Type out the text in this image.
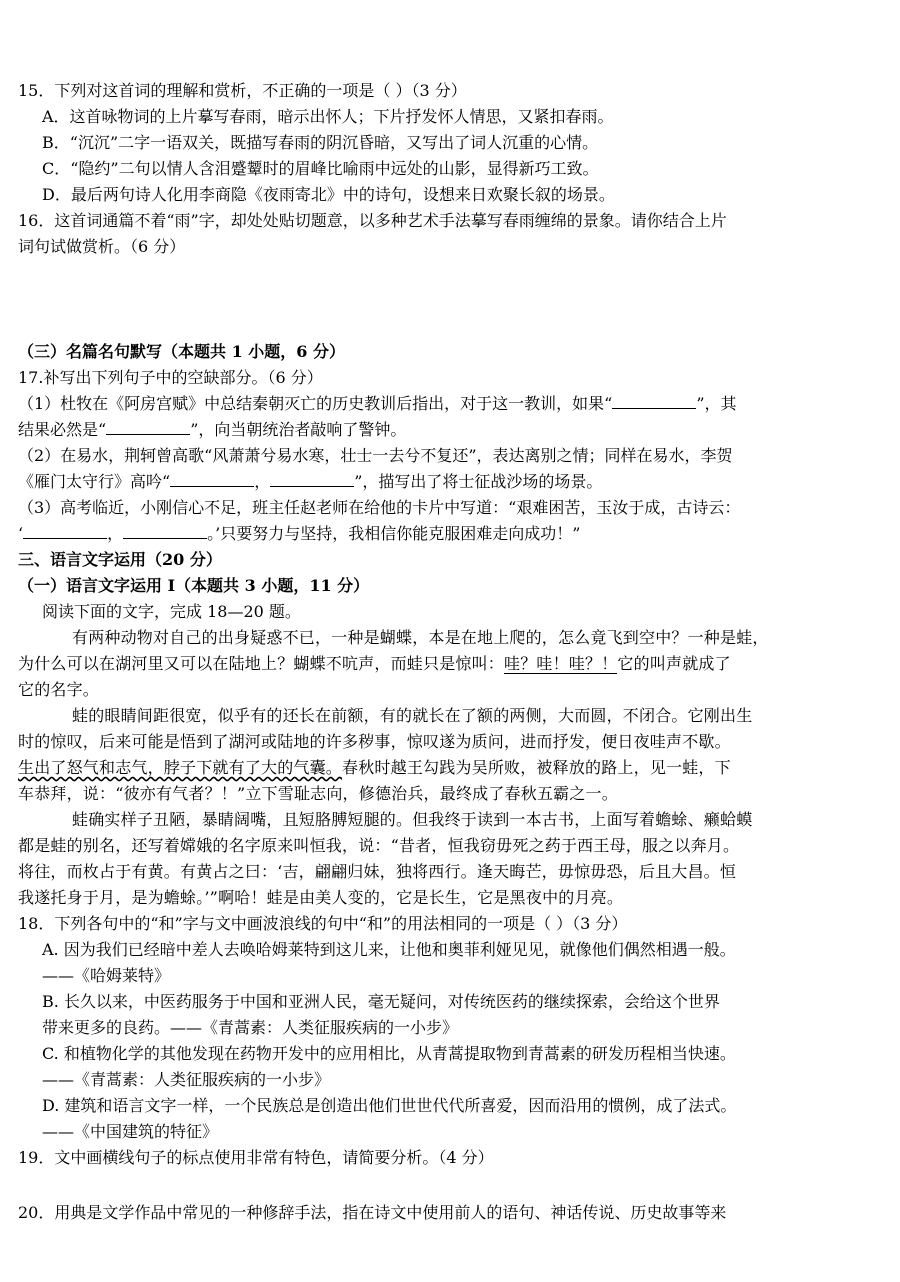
15．下列对这首词的理解和赏析，不正确的一项是（ ）（3 分）
A．这首咏物词的上片摹写春雨，暗示出怀人；下片抒发怀人情思，又紧扣春雨。
B．“沉沉”二字一语双关，既描写春雨的阴沉昏暗，又写出了词人沉重的心情。
C．“隐约”二句以情人含泪蹙颦时的眉峰比喻雨中远处的山影，显得新巧工致。
D．最后两句诗人化用李商隐《夜雨寄北》中的诗句，设想来日欢聚长叙的场景。
16．这首词通篇不着“雨”字，却处处贴切题意，以多种艺术手法摹写春雨缠绵的景象。请你结合上片
词句试做赏析。（6 分）
（三）名篇名句默写（本题共 1 小题，6 分）
17.补写出下列句子中的空缺部分。（6 分）
（1）杜牧在《阿房宫赋》中总结秦朝灭亡的历史教训后指出，对于这一教训，如果“	”，其
结果必然是“	”，向当朝统治者敲响了警钟。
（2）在易水，荆轲曾高歌“风萧萧兮易水寒，壮士一去兮不复还”，表达离别之情；同样在易水，李贺
《雁门太守行》高吟“	，	”，描写出了将士征战沙场的场景。
（3）高考临近，小刚信心不足，班主任赵老师在给他的卡片中写道：“艰难困苦，玉汝于成，古诗云：
‘	，	。’只要努力与坚持，我相信你能克服困难走向成功！”
三、语言文字运用（20 分）
（一）语言文字运用 Ⅰ（本题共 3 小题，11 分）
阅读下面的文字，完成 18—20 题。
有两种动物对自己的出身疑惑不已，一种是蝴蝶，本是在地上爬的，怎么竟飞到空中？一种是蛙，
为什么可以在湖河里又可以在陆地上？蝴蝶不吭声，而蛙只是惊叫：哇？哇！哇？！它的叫声就成了
它的名字。
蛙的眼睛间距很宽，似乎有的还长在前额，有的就长在了额的两侧，大而圆，不闭合。它刚出生
时的惊叹，后来可能是悟到了湖河或陆地的许多秽事，惊叹遂为质问，进而抒发，便日夜哇声不歇。
生出了怒气和志气，脖子下就有了大的气囊。春秋时越王勾践为吴所败，被释放的路上，见一蛙，下
车恭拜，说：“彼亦有气者？！”立下雪耻志向，修德治兵，最终成了春秋五霸之一。
蛙确实样子丑陋，暴睛阔嘴，且短胳膊短腿的。但我终于读到一本古书，上面写着蟾蜍、癞蛤蟆
都是蛙的别名，还写着嫦娥的名字原来叫恒我，说：“昔者，恒我窃毋死之药于西王母，服之以奔月。
将往，而枚占于有黄。有黄占之曰：‘吉，翩翩归妹，独将西行。逢天晦芒，毋惊毋恐，后且大昌。恒
我遂托身于月，是为蟾蜍。’”啊哈！蛙是由美人变的，它是长生，它是黑夜中的月亮。
18．下列各句中的“和”字与文中画波浪线的句中“和”的用法相同的一项是（ ）（3 分）
A. 因为我们已经暗中差人去唤哈姆莱特到这儿来，让他和奥菲利娅见见，就像他们偶然相遇一般。
——《哈姆莱特》
B. 长久以来，中医药服务于中国和亚洲人民，毫无疑问，对传统医药的继续探索，会给这个世界
带来更多的良药。——《青蒿素：人类征服疾病的一小步》
C. 和植物化学的其他发现在药物开发中的应用相比，从青蒿提取物到青蒿素的研发历程相当快速。
——《青蒿素：人类征服疾病的一小步》
D. 建筑和语言文字一样，一个民族总是创造出他们世世代代所喜爱，因而沿用的惯例，成了法式。
——《中国建筑的特征》
19．文中画横线句子的标点使用非常有特色，请简要分析。（4 分）
20．用典是文学作品中常见的一种修辞手法，指在诗文中使用前人的语句、神话传说、历史故事等来
